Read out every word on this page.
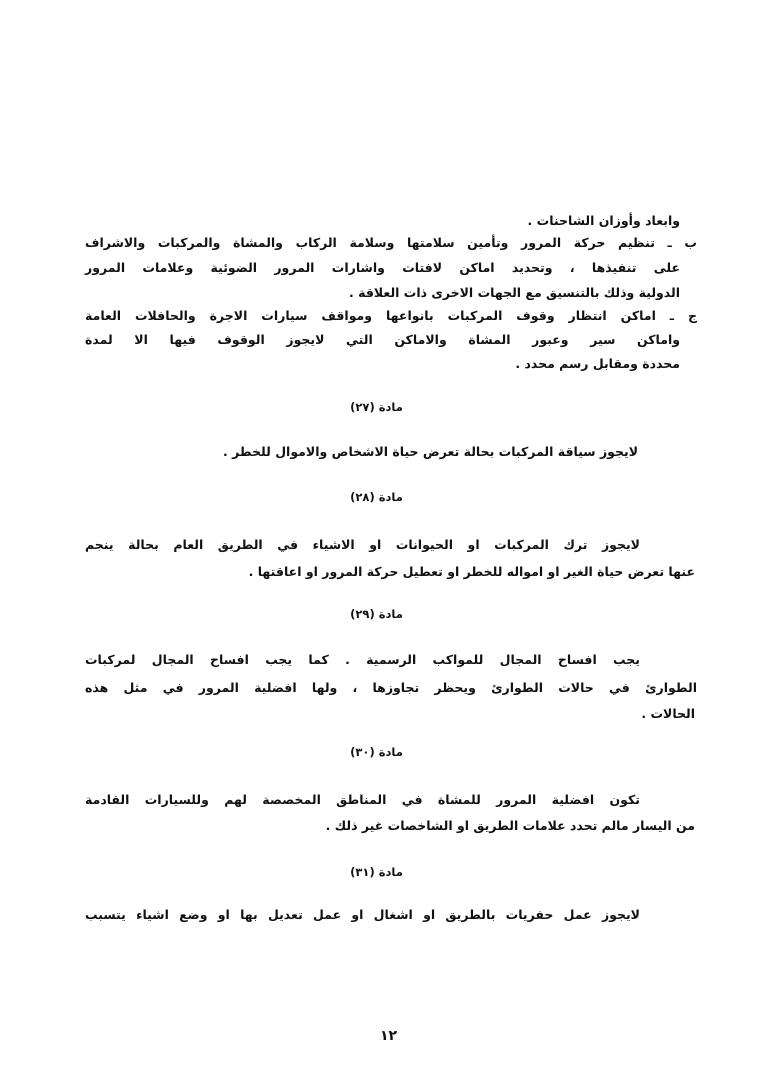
وابعاد وأوزان الشاحنات .
ب ـ تنظيم حركة المرور وتأمين سلامتها وسلامة الركاب والمشاة والمركبات والاشراف
على تنفيذها ، وتحديد اماكن لافتات واشارات المرور الضوئية وعلامات المرور
الدولية وذلك بالتنسيق مع الجهات الاخرى ذات العلاقة .
ج ـ اماكن انتظار وقوف المركبات بانواعها ومواقف سيارات الاجرة والحافلات العامة
واماكن سير وعبور المشاة والاماكن التي لايجوز الوقوف فيها الا لمدة
محددة ومقابل رسم محدد .
مادة (٢٧)
لايجوز سياقة المركبات بحالة تعرض حياة الاشخاص والاموال للخطر .
مادة (٢٨)
لايجوز ترك المركبات او الحيوانات او الاشياء في الطريق العام بحالة ينجم
عنها تعرض حياة الغير او امواله للخطر او تعطيل حركة المرور او اعاقتها .
مادة (٢٩)
يجب افساح المجال للمواكب الرسمية . كما يجب افساح المجال لمركبات
الطوارئ في حالات الطوارئ ويحظر تجاوزها ، ولها افضلية المرور في مثل هذه
الحالات .
مادة (٣٠)
تكون افضلية المرور للمشاة في المناطق المخصصة لهم وللسيارات القادمة
من اليسار مالم تحدد علامات الطريق او الشاخصات غير ذلك .
مادة (٣١)
لايجوز عمل حفريات بالطريق او اشغال او عمل تعديل بها او وضع اشياء يتسبب
١٢
